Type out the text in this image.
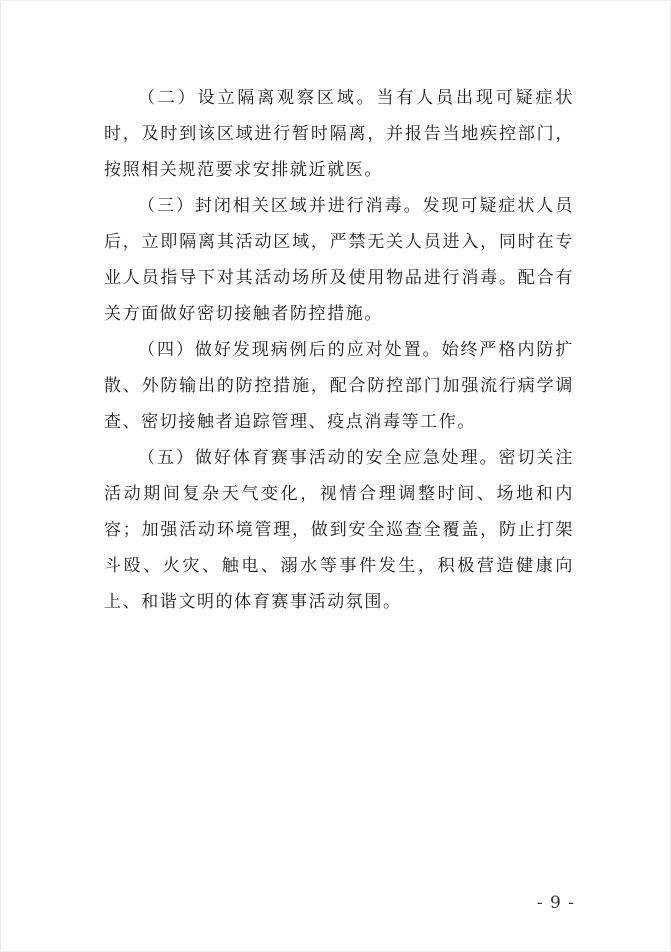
（二）设立隔离观察区域。当有人员出现可疑症状时，及时到该区域进行暂时隔离，并报告当地疾控部门，按照相关规范要求安排就近就医。

（三）封闭相关区域并进行消毒。发现可疑症状人员后，立即隔离其活动区域，严禁无关人员进入，同时在专业人员指导下对其活动场所及使用物品进行消毒。配合有关方面做好密切接触者防控措施。

（四）做好发现病例后的应对处置。始终严格内防扩散、外防输出的防控措施，配合防控部门加强流行病学调查、密切接触者追踪管理、疫点消毒等工作。

（五）做好体育赛事活动的安全应急处理。密切关注活动期间复杂天气变化，视情合理调整时间、场地和内容；加强活动环境管理，做到安全巡查全覆盖，防止打架斗殴、火灾、触电、溺水等事件发生，积极营造健康向上、和谐文明的体育赛事活动氛围。

- 9 -
